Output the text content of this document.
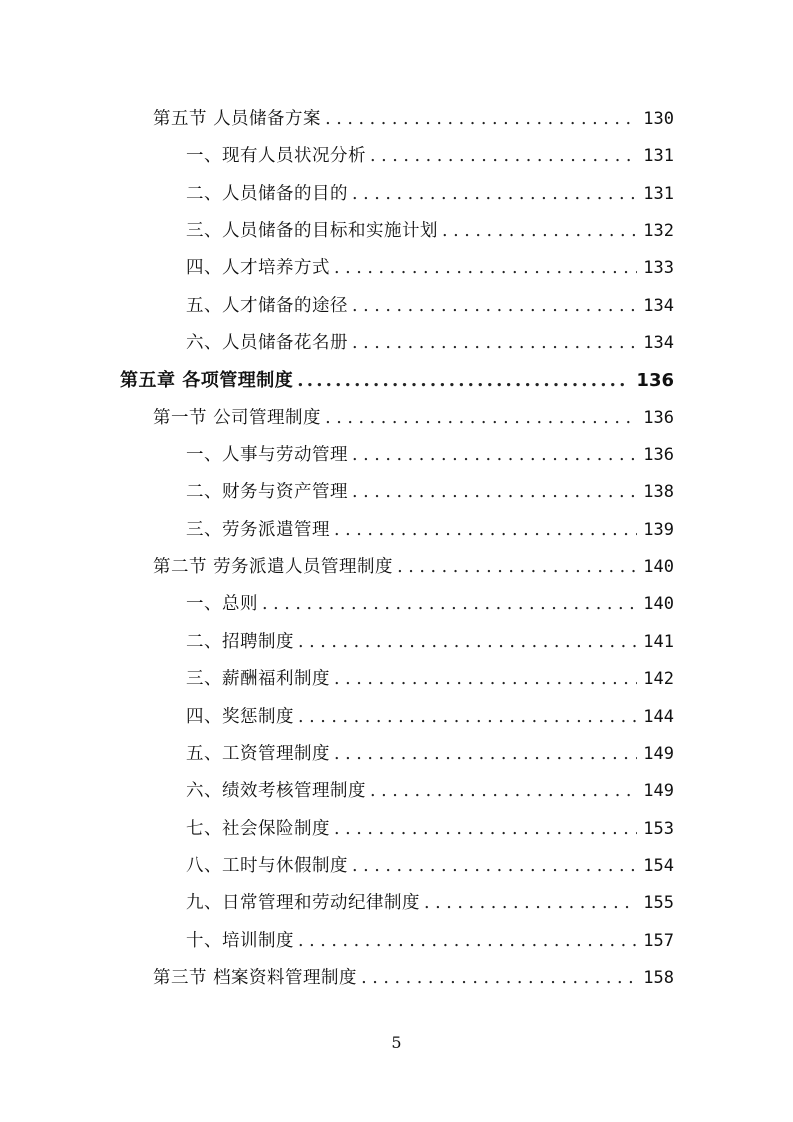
第五节 人员储备方案 . . .	130
一、现有人员状况分析 . . .	131
二、人员储备的目的 . . .	131
三、人员储备的目标和实施计划 . . .	132
四、人才培养方式 . . .	133
五、人才储备的途径 . . .	134
六、人员储备花名册 . . .	134
第五章 各项管理制度 .....	136
第一节 公司管理制度 . . .	136
一、人事与劳动管理 . . .	136
二、财务与资产管理 . . .	138
三、劳务派遣管理 . . .	139
第二节 劳务派遣人员管理制度 . . .	140
一、总则 . . .	140
二、招聘制度 . . .	141
三、薪酬福利制度 . . .	142
四、奖惩制度 . . .	144
五、工资管理制度 . . .	149
六、绩效考核管理制度 . . .	149
七、社会保险制度 . . .	153
八、工时与休假制度 . . .	154
九、日常管理和劳动纪律制度 . . .	155
十、培训制度 . . .	157
第三节 档案资料管理制度 . . .	158
5
